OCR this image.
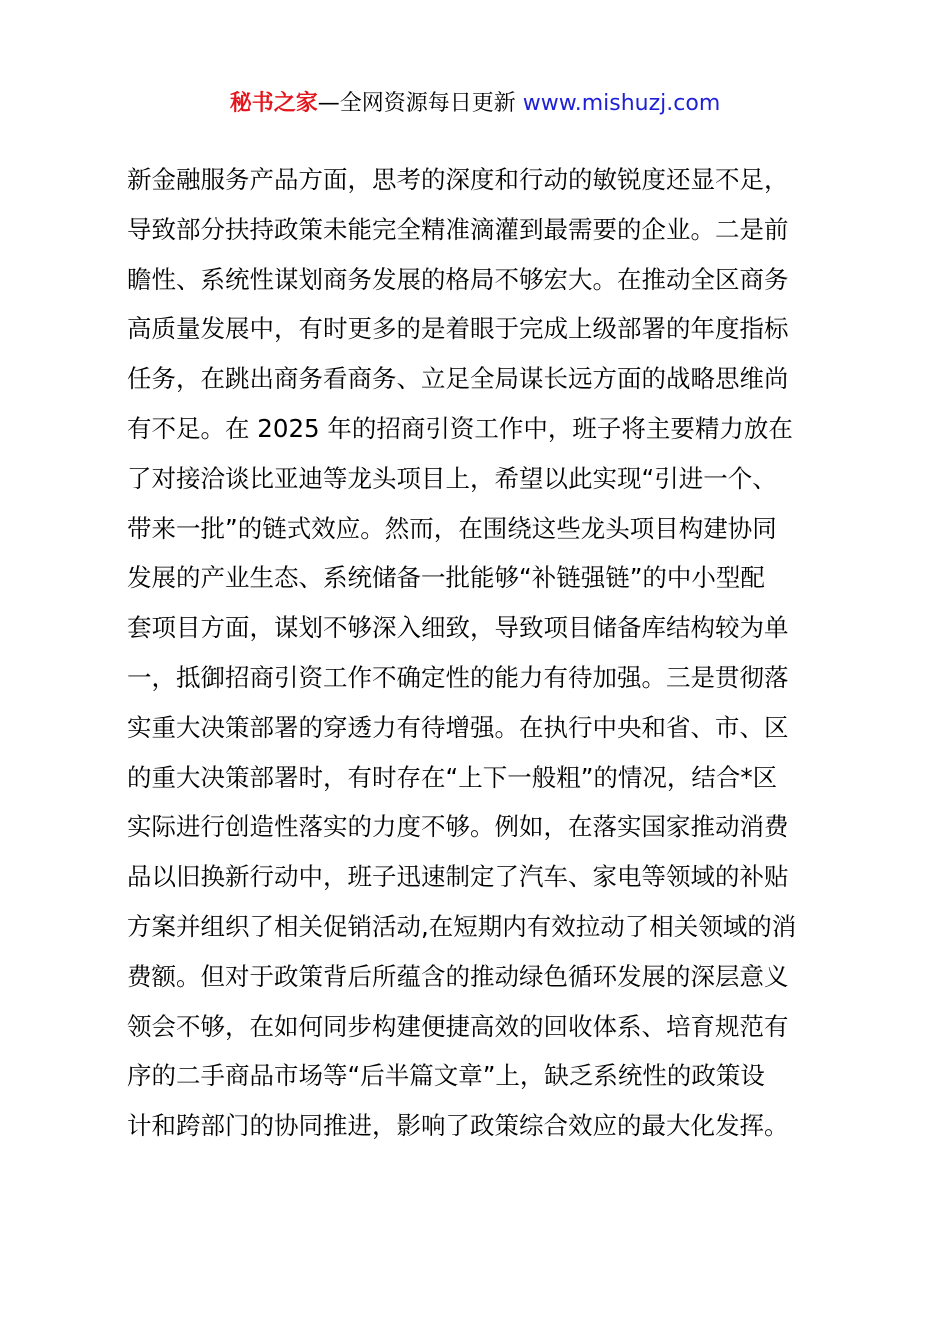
秘书之家—全网资源每日更新 www.mishuzj.com
新金融服务产品方面，思考的深度和行动的敏锐度还显不足，
导致部分扶持政策未能完全精准滴灌到最需要的企业。二是前
瞻性、系统性谋划商务发展的格局不够宏大。在推动全区商务
高质量发展中，有时更多的是着眼于完成上级部署的年度指标
任务，在跳出商务看商务、立足全局谋长远方面的战略思维尚
有不足。在 2025 年的招商引资工作中，班子将主要精力放在
了对接洽谈比亚迪等龙头项目上，希望以此实现“引进一个、
带来一批”的链式效应。然而，在围绕这些龙头项目构建协同
发展的产业生态、系统储备一批能够“补链强链”的中小型配
套项目方面，谋划不够深入细致，导致项目储备库结构较为单
一，抵御招商引资工作不确定性的能力有待加强。三是贯彻落
实重大决策部署的穿透力有待增强。在执行中央和省、市、区
的重大决策部署时，有时存在“上下一般粗”的情况，结合*区
实际进行创造性落实的力度不够。例如，在落实国家推动消费
品以旧换新行动中，班子迅速制定了汽车、家电等领域的补贴
方案并组织了相关促销活动,在短期内有效拉动了相关领域的消
费额。但对于政策背后所蕴含的推动绿色循环发展的深层意义
领会不够，在如何同步构建便捷高效的回收体系、培育规范有
序的二手商品市场等“后半篇文章”上，缺乏系统性的政策设
计和跨部门的协同推进，影响了政策综合效应的最大化发挥。
